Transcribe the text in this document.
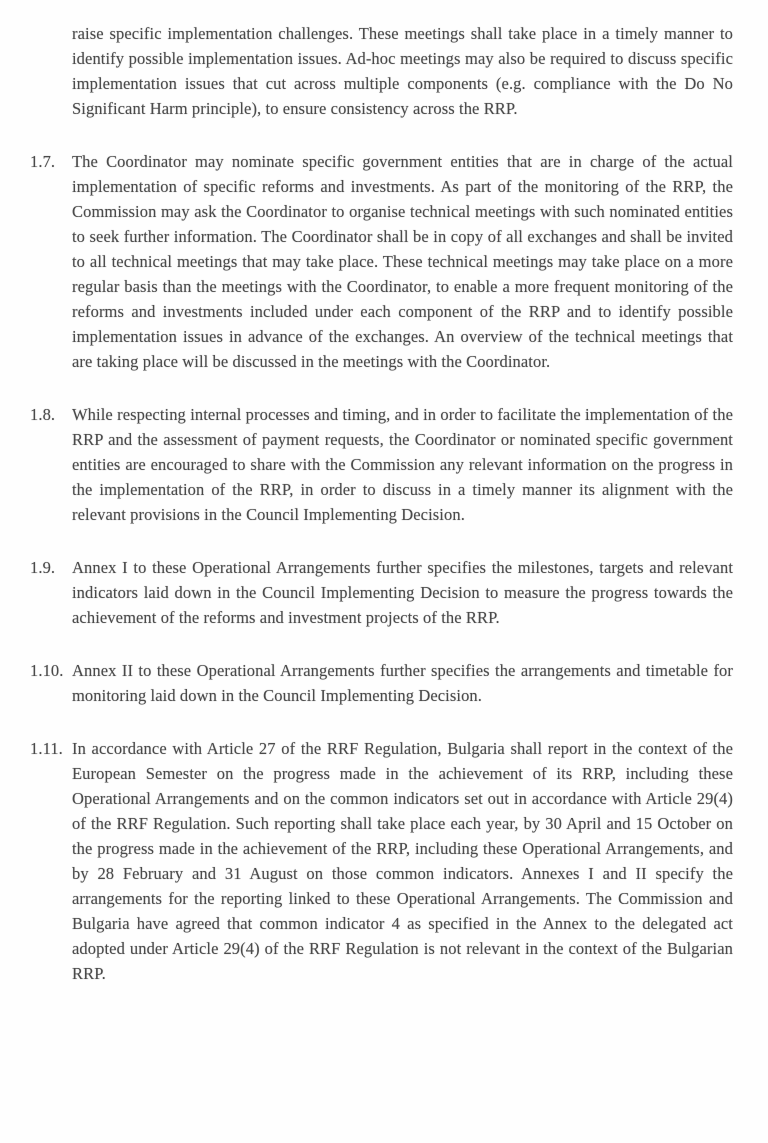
raise specific implementation challenges. These meetings shall take place in a timely manner to identify possible implementation issues. Ad-hoc meetings may also be required to discuss specific implementation issues that cut across multiple components (e.g. compliance with the Do No Significant Harm principle), to ensure consistency across the RRP.
1.7.	The Coordinator may nominate specific government entities that are in charge of the actual implementation of specific reforms and investments. As part of the monitoring of the RRP, the Commission may ask the Coordinator to organise technical meetings with such nominated entities to seek further information. The Coordinator shall be in copy of all exchanges and shall be invited to all technical meetings that may take place. These technical meetings may take place on a more regular basis than the meetings with the Coordinator, to enable a more frequent monitoring of the reforms and investments included under each component of the RRP and to identify possible implementation issues in advance of the exchanges. An overview of the technical meetings that are taking place will be discussed in the meetings with the Coordinator.
1.8.	While respecting internal processes and timing, and in order to facilitate the implementation of the RRP and the assessment of payment requests, the Coordinator or nominated specific government entities are encouraged to share with the Commission any relevant information on the progress in the implementation of the RRP, in order to discuss in a timely manner its alignment with the relevant provisions in the Council Implementing Decision.
1.9.	Annex I to these Operational Arrangements further specifies the milestones, targets and relevant indicators laid down in the Council Implementing Decision to measure the progress towards the achievement of the reforms and investment projects of the RRP.
1.10. Annex II to these Operational Arrangements further specifies the arrangements and timetable for monitoring laid down in the Council Implementing Decision.
1.11. In accordance with Article 27 of the RRF Regulation, Bulgaria shall report in the context of the European Semester on the progress made in the achievement of its RRP, including these Operational Arrangements and on the common indicators set out in accordance with Article 29(4) of the RRF Regulation. Such reporting shall take place each year, by 30 April and 15 October on the progress made in the achievement of the RRP, including these Operational Arrangements, and by 28 February and 31 August on those common indicators. Annexes I and II specify the arrangements for the reporting linked to these Operational Arrangements. The Commission and Bulgaria have agreed that common indicator 4 as specified in the Annex to the delegated act adopted under Article 29(4) of the RRF Regulation is not relevant in the context of the Bulgarian RRP.
